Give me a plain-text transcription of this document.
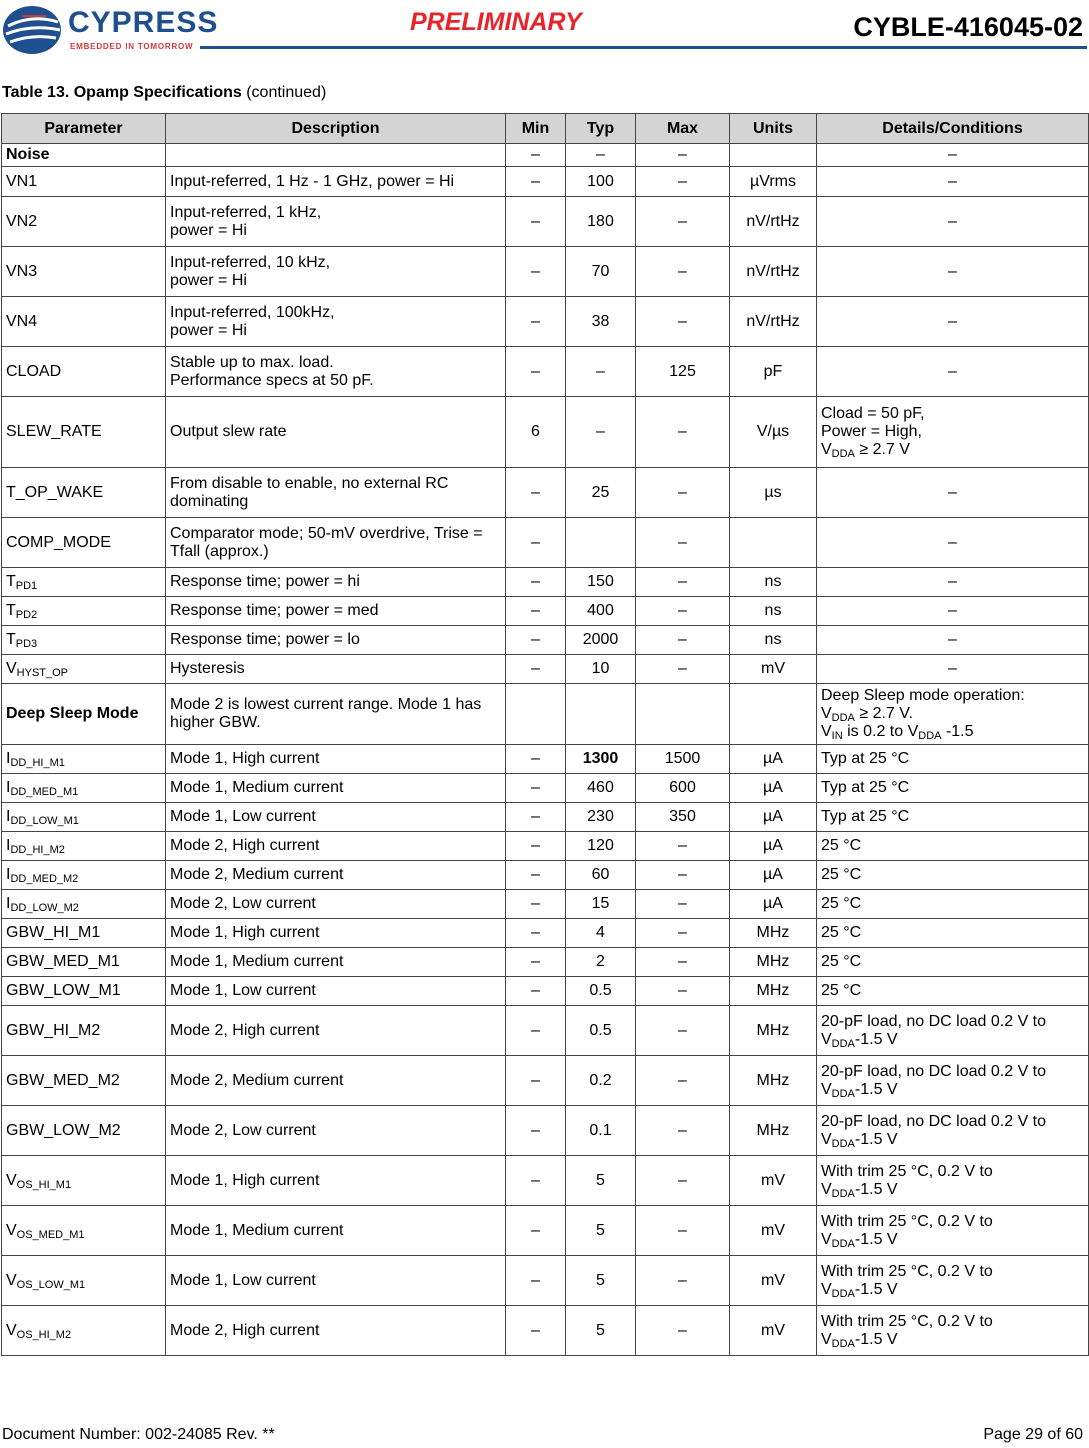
CYPRESS
EMBEDDED IN TOMORROW
PRELIMINARY	CYBLE-416045-02
Table 13. Opamp Specifications (continued)
Parameter	Description	Min	Typ	Max	Units	Details/Conditions
Noise		–	–	–		–
VN1	Input-referred, 1 Hz - 1 GHz, power = Hi	–	100	–	µVrms	–
VN2	Input-referred, 1 kHz,
power = Hi	–	180	–	nV/rtHz	–
VN3	Input-referred, 10 kHz,
power = Hi	–	70	–	nV/rtHz	–
VN4	Input-referred, 100kHz,
power = Hi	–	38	–	nV/rtHz	–
CLOAD	Stable up to max. load.
Performance specs at 50 pF.	–	–	125	pF	–
SLEW_RATE	Output slew rate	6	–	–	V/µs	Cload = 50 pF,
Power = High,
$V_{DDA} \ge 2.7$ V
T_OP_WAKE	From disable to enable, no external RC dominating	–	25	–	µs	–
COMP_MODE	Comparator mode; 50-mV overdrive, Trise = Tfall (approx.)	–		–		–
$T_{PD1}$	Response time; power = hi	–	150	–	ns	–
$T_{PD2}$	Response time; power = med	–	400	–	ns	–
$T_{PD3}$	Response time; power = lo	–	2000	–	ns	–
$V_{HYST\_OP}$	Hysteresis	–	10	–	mV	–
Deep Sleep Mode	Mode 2 is lowest current range. Mode 1 has higher GBW.					Deep Sleep mode operation:
$V_{DDA} \ge 2.7$ V.
$V_{IN}$ is 0.2 to $V_{DDA}$ -1.5
$I_{DD\_HI\_M1}$	Mode 1, High current	–	1300	1500	µA	Typ at 25 °C
$I_{DD\_MED\_M1}$	Mode 1, Medium current	–	460	600	µA	Typ at 25 °C
$I_{DD\_LOW\_M1}$	Mode 1, Low current	–	230	350	µA	Typ at 25 °C
$I_{DD\_HI\_M2}$	Mode 2, High current	–	120	–	µA	25 °C
$I_{DD\_MED\_M2}$	Mode 2, Medium current	–	60	–	µA	25 °C
$I_{DD\_LOW\_M2}$	Mode 2, Low current	–	15	–	µA	25 °C
GBW_HI_M1	Mode 1, High current	–	4	–	MHz	25 °C
GBW_MED_M1	Mode 1, Medium current	–	2	–	MHz	25 °C
GBW_LOW_M1	Mode 1, Low current	–	0.5	–	MHz	25 °C
GBW_HI_M2	Mode 2, High current	–	0.5	–	MHz	20-pF load, no DC load 0.2 V to
$V_{DDA}-1.5$ V
GBW_MED_M2	Mode 2, Medium current	–	0.2	–	MHz	20-pF load, no DC load 0.2 V to
$V_{DDA}-1.5$ V
GBW_LOW_M2	Mode 2, Low current	–	0.1	–	MHz	20-pF load, no DC load 0.2 V to
$V_{DDA}-1.5$ V
$V_{OS\_HI\_M1}$	Mode 1, High current	–	5	–	mV	With trim 25 °C, 0.2 V to
$V_{DDA}-1.5$ V
$V_{OS\_MED\_M1}$	Mode 1, Medium current	–	5	–	mV	With trim 25 °C, 0.2 V to
$V_{DDA}-1.5$ V
$V_{OS\_LOW\_M1}$	Mode 1, Low current	–	5	–	mV	With trim 25 °C, 0.2 V to
$V_{DDA}-1.5$ V
$V_{OS\_HI\_M2}$	Mode 2, High current	–	5	–	mV	With trim 25 °C, 0.2 V to
$V_{DDA}-1.5$ V
Document Number: 002-24085 Rev. **	Page 29 of 60
